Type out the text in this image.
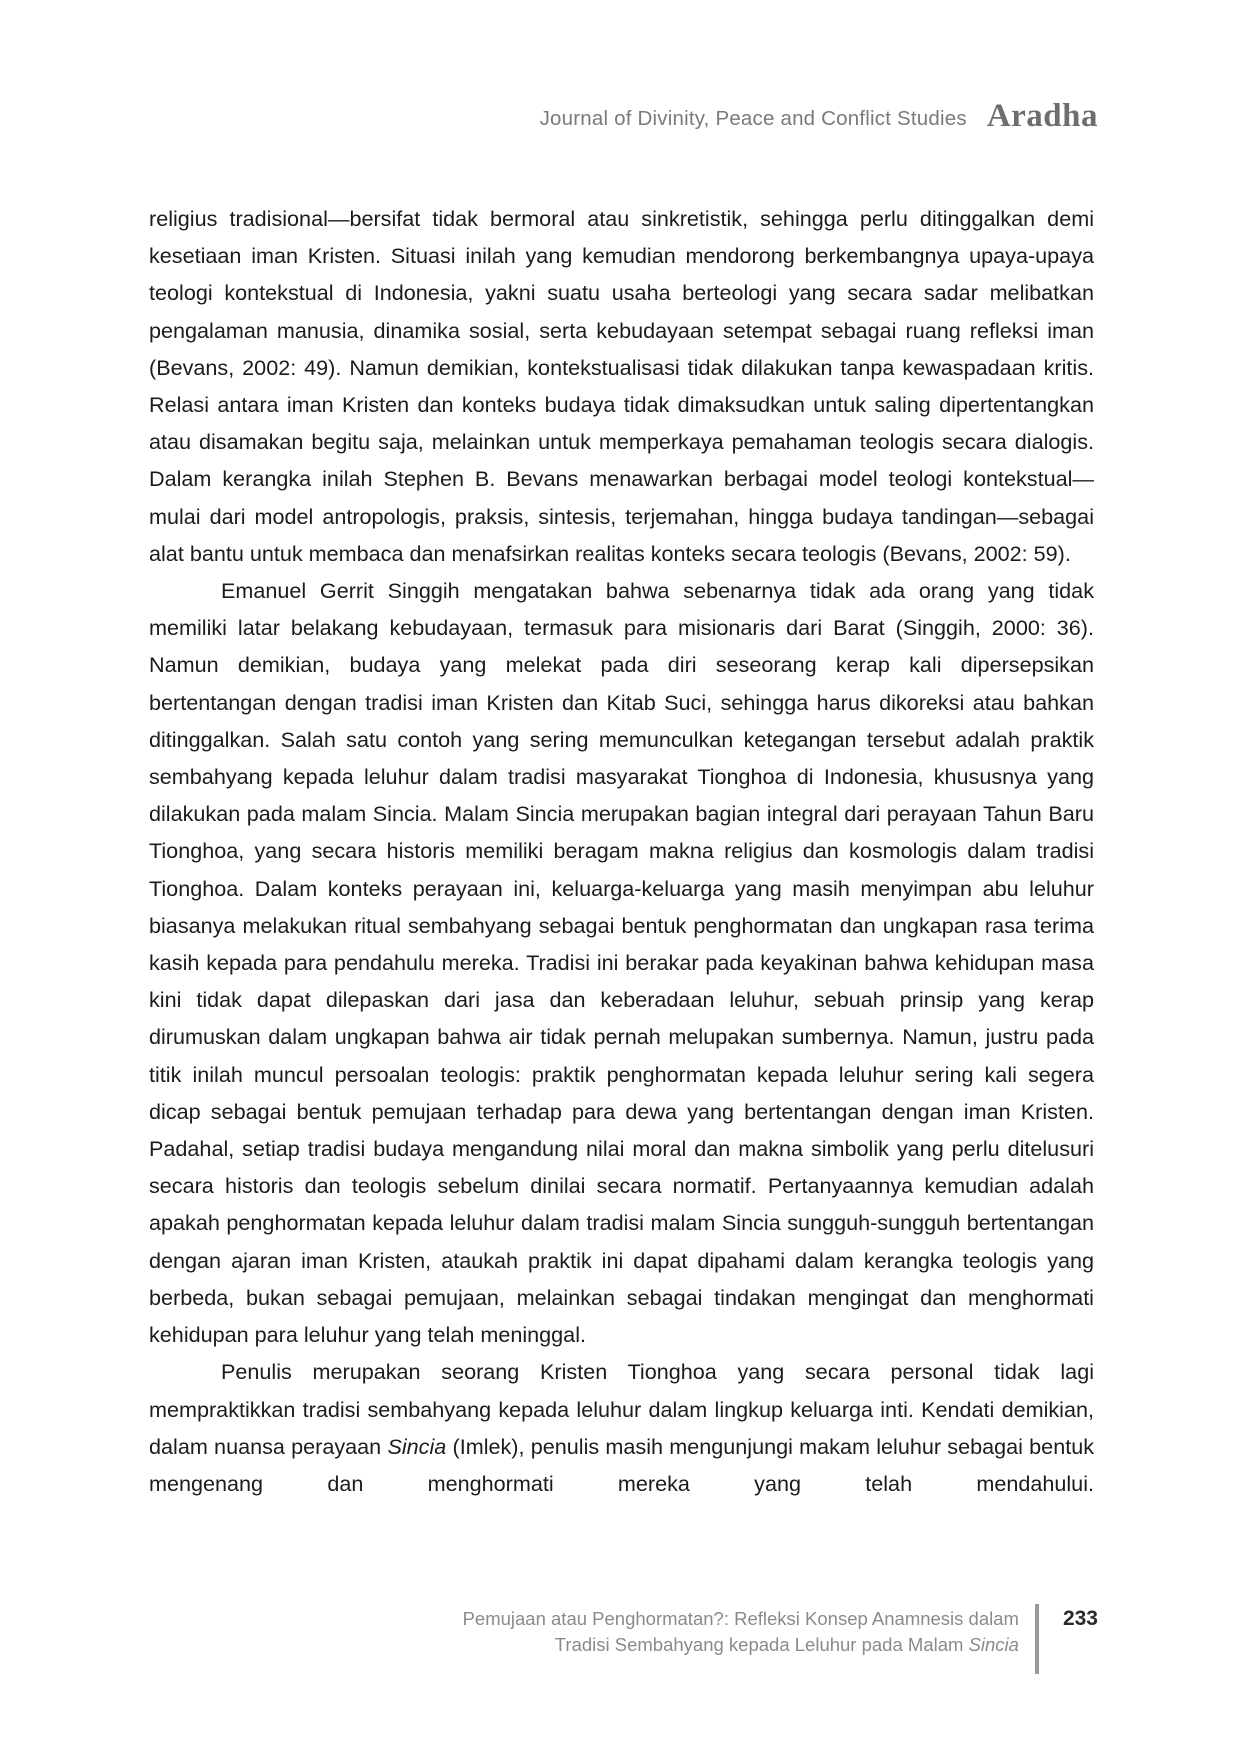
Journal of Divinity, Peace and Conflict Studies Aradha

religius tradisional—bersifat tidak bermoral atau sinkretistik, sehingga perlu ditinggalkan demi kesetiaan iman Kristen. Situasi inilah yang kemudian mendorong berkembangnya upaya-upaya teologi kontekstual di Indonesia, yakni suatu usaha berteologi yang secara sadar melibatkan pengalaman manusia, dinamika sosial, serta kebudayaan setempat sebagai ruang refleksi iman (Bevans, 2002: 49). Namun demikian, kontekstualisasi tidak dilakukan tanpa kewaspadaan kritis. Relasi antara iman Kristen dan konteks budaya tidak dimaksudkan untuk saling dipertentangkan atau disamakan begitu saja, melainkan untuk memperkaya pemahaman teologis secara dialogis. Dalam kerangka inilah Stephen B. Bevans menawarkan berbagai model teologi kontekstual—mulai dari model antropologis, praksis, sintesis, terjemahan, hingga budaya tandingan—sebagai alat bantu untuk membaca dan menafsirkan realitas konteks secara teologis (Bevans, 2002: 59).

Emanuel Gerrit Singgih mengatakan bahwa sebenarnya tidak ada orang yang tidak memiliki latar belakang kebudayaan, termasuk para misionaris dari Barat (Singgih, 2000: 36). Namun demikian, budaya yang melekat pada diri seseorang kerap kali dipersepsikan bertentangan dengan tradisi iman Kristen dan Kitab Suci, sehingga harus dikoreksi atau bahkan ditinggalkan. Salah satu contoh yang sering memunculkan ketegangan tersebut adalah praktik sembahyang kepada leluhur dalam tradisi masyarakat Tionghoa di Indonesia, khususnya yang dilakukan pada malam Sincia. Malam Sincia merupakan bagian integral dari perayaan Tahun Baru Tionghoa, yang secara historis memiliki beragam makna religius dan kosmologis dalam tradisi Tionghoa. Dalam konteks perayaan ini, keluarga-keluarga yang masih menyimpan abu leluhur biasanya melakukan ritual sembahyang sebagai bentuk penghormatan dan ungkapan rasa terima kasih kepada para pendahulu mereka. Tradisi ini berakar pada keyakinan bahwa kehidupan masa kini tidak dapat dilepaskan dari jasa dan keberadaan leluhur, sebuah prinsip yang kerap dirumuskan dalam ungkapan bahwa air tidak pernah melupakan sumbernya. Namun, justru pada titik inilah muncul persoalan teologis: praktik penghormatan kepada leluhur sering kali segera dicap sebagai bentuk pemujaan terhadap para dewa yang bertentangan dengan iman Kristen. Padahal, setiap tradisi budaya mengandung nilai moral dan makna simbolik yang perlu ditelusuri secara historis dan teologis sebelum dinilai secara normatif. Pertanyaannya kemudian adalah apakah penghormatan kepada leluhur dalam tradisi malam Sincia sungguh-sungguh bertentangan dengan ajaran iman Kristen, ataukah praktik ini dapat dipahami dalam kerangka teologis yang berbeda, bukan sebagai pemujaan, melainkan sebagai tindakan mengingat dan menghormati kehidupan para leluhur yang telah meninggal.

Penulis merupakan seorang Kristen Tionghoa yang secara personal tidak lagi mempraktikkan tradisi sembahyang kepada leluhur dalam lingkup keluarga inti. Kendati demikian, dalam nuansa perayaan Sincia (Imlek), penulis masih mengunjungi makam leluhur sebagai bentuk mengenang dan menghormati mereka yang telah mendahului.

Pemujaan atau Penghormatan?: Refleksi Konsep Anamnesis dalam
Tradisi Sembahyang kepada Leluhur pada Malam Sincia
233
